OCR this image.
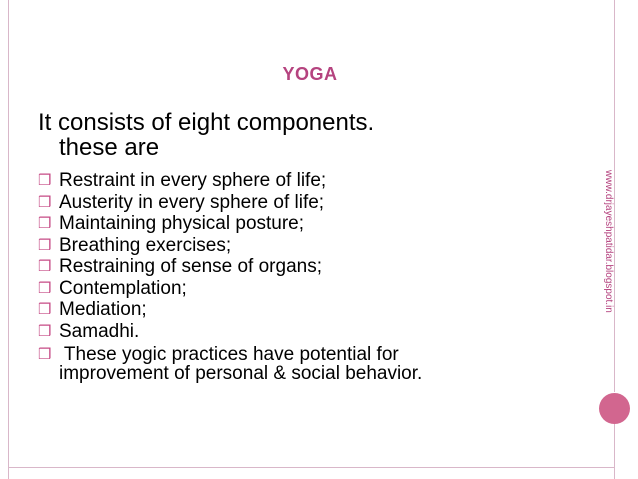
YOGA
It consists of eight components.
these are
❒ Restraint in every sphere of life;
❒ Austerity in every sphere of life;
❒ Maintaining physical posture;
❒ Breathing exercises;
❒ Restraining of sense of organs;
❒ Contemplation;
❒ Mediation;
❒ Samadhi.
❒ These yogic practices have potential for
improvement of personal & social behavior.
www.drjayeshpatidar.blogspot.in
